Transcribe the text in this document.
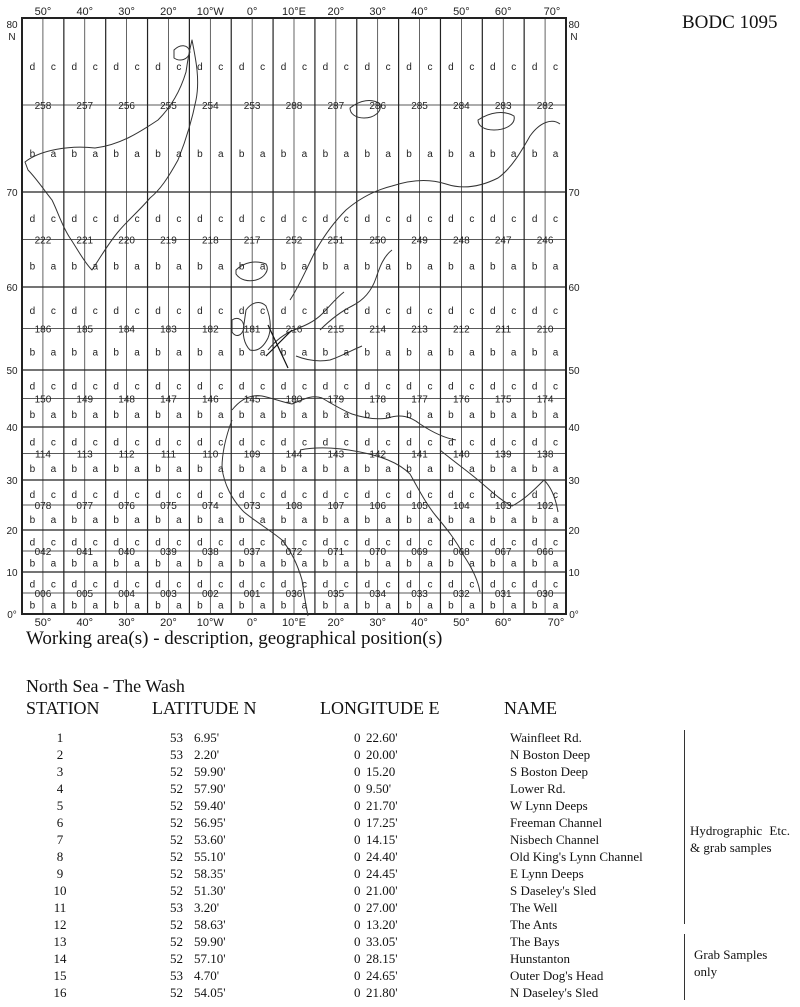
BODC 1095
258
d c
b a
257
d c
b a
256
d c
b a
255
d c
b a
254
d c
b a
253
d c
b a
288
d c
b a
287
d c
b a
286
d c
b a
285
d c
b a
284
d c
b a
283
d c
b a
282
d c
b a
222
d c
b a
221
d c
b a
220
d c
b a
219
d c
b a
218
d c
b a
217
d c
b a
252
d c
b a
251
d c
b a
250
d c
b a
249
d c
b a
248
d c
b a
247
d c
b a
246
d c
b a
186
d c
b a
185
d c
b a
184
d c
b a
183
d c
b a
182
d c
b a
181
d c
b a
216
d c
b a
215
d c
b a
214
d c
b a
213
d c
b a
212
d c
b a
211
d c
b a
210
d c
b a
150
d c
b a
149
d c
b a
148
d c
b a
147
d c
b a
146
d c
b a
145
d c
b a
180
d c
b a
179
d c
b a
178
d c
b a
177
d c
b a
176
d c
b a
175
d c
b a
174
d c
b a
114
d c
b a
113
d c
b a
112
d c
b a
111
d c
b a
110
d c
b a
109
d c
b a
144
d c
b a
143
d c
b a
142
d c
b a
141
d c
b a
140
d c
b a
139
d c
b a
138
d c
b a
078
d c
b a
077
d c
b a
076
d c
b a
075
d c
b a
074
d c
b a
073
d c
b a
108
d c
b a
107
d c
b a
106
d c
b a
105
d c
b a
104
d c
b a
103
d c
b a
102
d c
b a
042
d c
b a
041
d c
b a
040
d c
b a
039
d c
b a
038
d c
b a
037
d c
b a
072
d c
b a
071
d c
b a
070
d c
b a
069
d c
b a
068
d c
b a
067
d c
b a
066
d c
b a
006
d c
b a
005
d c
b a
004
d c
b a
003
d c
b a
002
d c
b a
001
d c
b a
036
d c
b a
035
d c
b a
034
d c
b a
033
d c
b a
032
d c
b a
031
d c
b a
030
d c
b a
50°
50°
40°
40°
30°
30°
20°
20°
10°W
10°W
0°
0°
10°E
10°E
20°
20°
30°
30°
40°
40°
50°
50°
60°
60°
70°
70°
0°	0°
10	10
20	20
30	30
40	40
50	50
60	60
70	70
80
N
80
N
Working area(s) - description, geographical position(s)
North Sea - The Wash
STATION	LATITUDE N	LONGITUDE E	NAME
1	53 6.95'	0 22.60'	Wainfleet Rd.
2	53 2.20'	0 20.00'	N Boston Deep
3	52 59.90'	0 15.20	S Boston Deep
4	52 57.90'	0 9.50'	Lower Rd.
5	52 59.40'	0 21.70'	W Lynn Deeps
6	52 56.95'	0 17.25'	Freeman Channel
7	52 53.60'	0 14.15'	Nisbech Channel
8	52 55.10'	0 24.40'	Old King's Lynn Channel
9	52 58.35'	0 24.45'	E Lynn Deeps
10	52 51.30'	0 21.00'	S Daseley's Sled
11	53 3.20'	0 27.00'	The Well
12	52 58.63'	0 13.20'	The Ants
13	52 59.90'	0 33.05'	The Bays
14	52 57.10'	0 28.15'	Hunstanton
15	53 4.70'	0 24.65'	Outer Dog's Head
16	52 54.05'	0 21.80'	N Daseley's Sled
Hydrographic Etc. & grab samples
Grab Samples only
